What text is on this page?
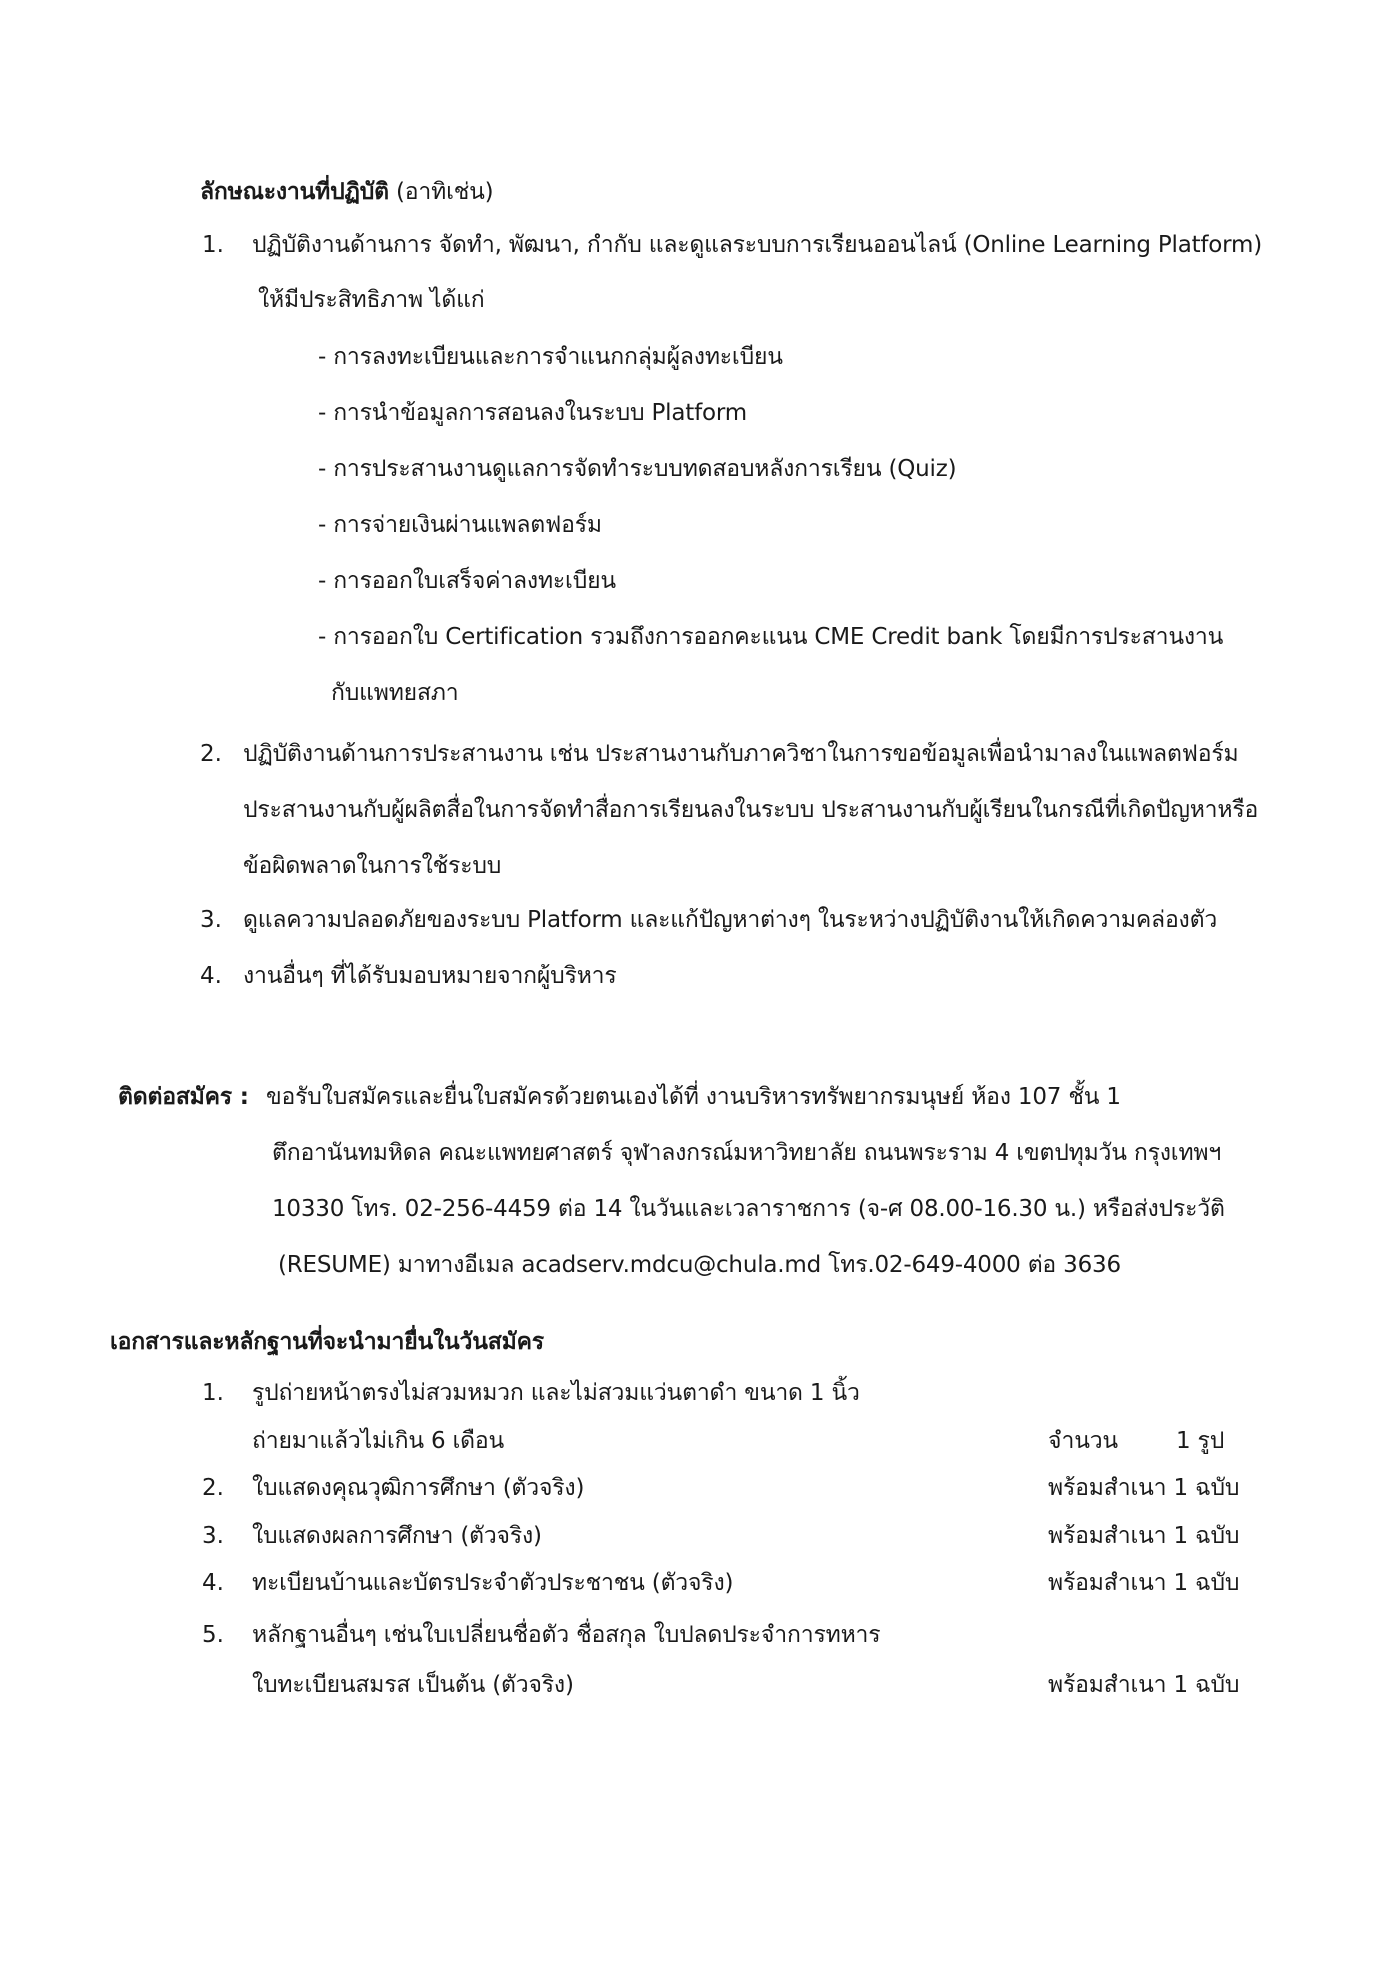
ลักษณะงานที่ปฏิบัติ (อาทิเช่น)
1. ปฏิบัติงานด้านการ จัดทำ, พัฒนา, กำกับ และดูแลระบบการเรียนออนไลน์ (Online Learning Platform)
ให้มีประสิทธิภาพ ได้แก่
- การลงทะเบียนและการจำแนกกลุ่มผู้ลงทะเบียน
- การนำข้อมูลการสอนลงในระบบ Platform
- การประสานงานดูแลการจัดทำระบบทดสอบหลังการเรียน (Quiz)
- การจ่ายเงินผ่านแพลตฟอร์ม
- การออกใบเสร็จค่าลงทะเบียน
- การออกใบ Certification รวมถึงการออกคะแนน CME Credit bank โดยมีการประสานงาน
กับแพทยสภา
2. ปฏิบัติงานด้านการประสานงาน เช่น ประสานงานกับภาควิชาในการขอข้อมูลเพื่อนำมาลงในแพลตฟอร์ม
ประสานงานกับผู้ผลิตสื่อในการจัดทำสื่อการเรียนลงในระบบ ประสานงานกับผู้เรียนในกรณีที่เกิดปัญหาหรือ
ข้อผิดพลาดในการใช้ระบบ
3. ดูแลความปลอดภัยของระบบ Platform และแก้ปัญหาต่างๆ ในระหว่างปฏิบัติงานให้เกิดความคล่องตัว
4. งานอื่นๆ ที่ได้รับมอบหมายจากผู้บริหาร
ติดต่อสมัคร : ขอรับใบสมัครและยื่นใบสมัครด้วยตนเองได้ที่ งานบริหารทรัพยากรมนุษย์ ห้อง 107 ชั้น 1
ตึกอานันทมหิดล คณะแพทยศาสตร์ จุฬาลงกรณ์มหาวิทยาลัย ถนนพระราม 4 เขตปทุมวัน กรุงเทพฯ
10330 โทร. 02-256-4459 ต่อ 14 ในวันและเวลาราชการ (จ-ศ 08.00-16.30 น.) หรือส่งประวัติ
(RESUME) มาทางอีเมล acadserv.mdcu@chula.md โทร.02-649-4000 ต่อ 3636
เอกสารและหลักฐานที่จะนำมายื่นในวันสมัคร
1. รูปถ่ายหน้าตรงไม่สวมหมวก และไม่สวมแว่นตาดำ ขนาด 1 นิ้ว
ถ่ายมาแล้วไม่เกิน 6 เดือน	จำนวน	1 รูป
2. ใบแสดงคุณวุฒิการศึกษา (ตัวจริง)	พร้อมสำเนา 1 ฉบับ
3. ใบแสดงผลการศึกษา (ตัวจริง)	พร้อมสำเนา 1 ฉบับ
4. ทะเบียนบ้านและบัตรประจำตัวประชาชน (ตัวจริง)	พร้อมสำเนา 1 ฉบับ
5. หลักฐานอื่นๆ เช่นใบเปลี่ยนชื่อตัว ชื่อสกุล ใบปลดประจำการทหาร
ใบทะเบียนสมรส เป็นต้น (ตัวจริง)	พร้อมสำเนา 1 ฉบับ
